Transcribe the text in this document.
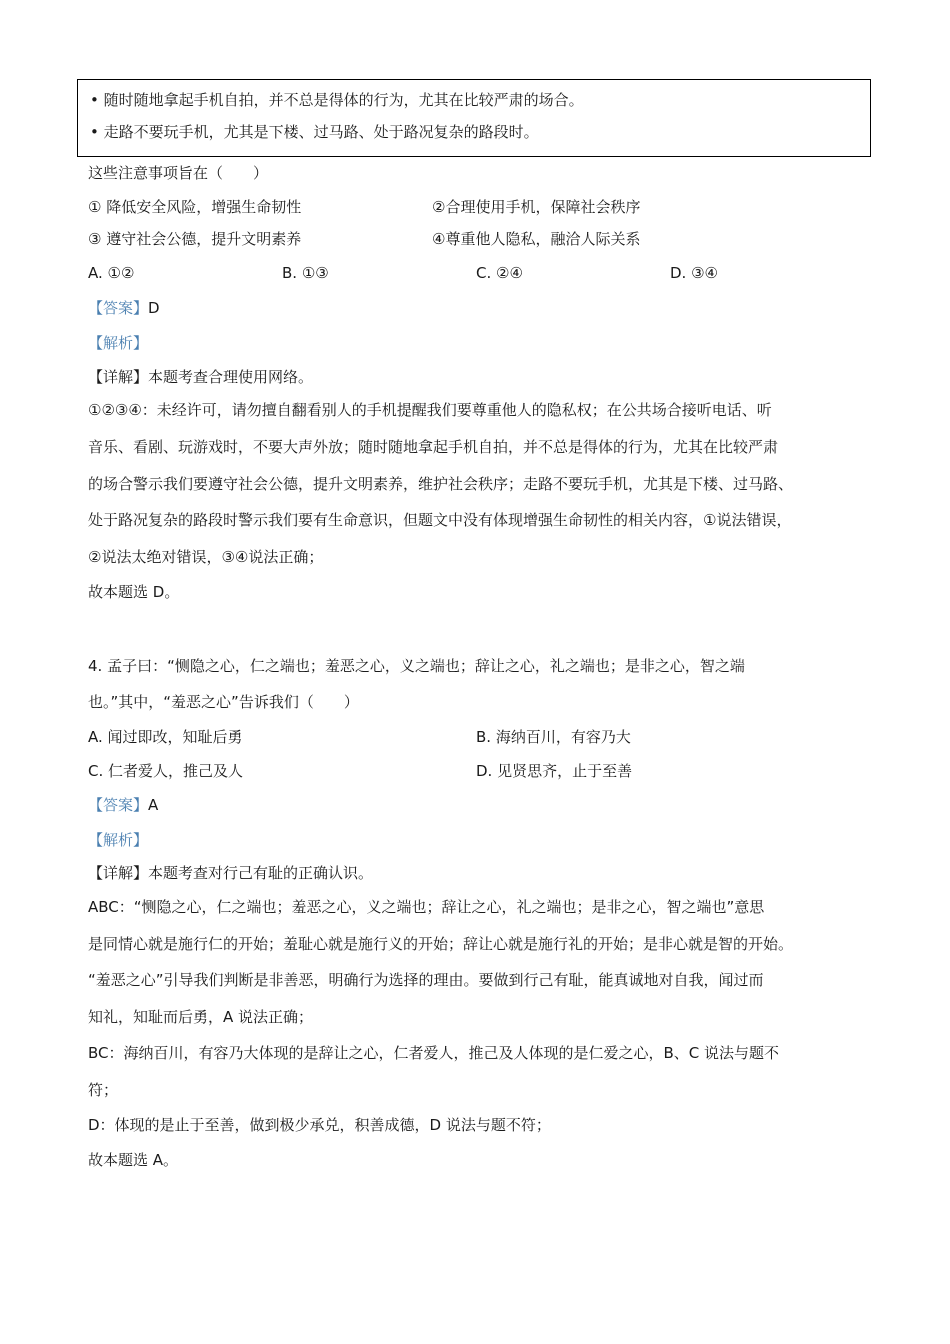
• 随时随地拿起手机自拍，并不总是得体的行为，尤其在比较严肃的场合。
• 走路不要玩手机，尤其是下楼、过马路、处于路况复杂的路段时。
这些注意事项旨在（　　）
① 降低安全风险，增强生命韧性	②合理使用手机，保障社会秩序
③ 遵守社会公德，提升文明素养	④尊重他人隐私，融洽人际关系
A. ①②	B. ①③	C. ②④	D. ③④
【答案】D
【解析】
【详解】本题考查合理使用网络。
①②③④：未经许可，请勿擅自翻看别人的手机提醒我们要尊重他人的隐私权；在公共场合接听电话、听
音乐、看剧、玩游戏时，不要大声外放；随时随地拿起手机自拍，并不总是得体的行为，尤其在比较严肃
的场合警示我们要遵守社会公德，提升文明素养，维护社会秩序；走路不要玩手机，尤其是下楼、过马路、
处于路况复杂的路段时警示我们要有生命意识，但题文中没有体现增强生命韧性的相关内容，①说法错误，
②说法太绝对错误，③④说法正确；
故本题选 D。
4. 孟子曰：“恻隐之心，仁之端也；羞恶之心，义之端也；辞让之心，礼之端也；是非之心，智之端
也。”其中，“羞恶之心”告诉我们（　　）
A. 闻过即改，知耻后勇	B. 海纳百川，有容乃大
C. 仁者爱人，推己及人	D. 见贤思齐，止于至善
【答案】A
【解析】
【详解】本题考查对行己有耻的正确认识。
ABC：“恻隐之心，仁之端也；羞恶之心，义之端也；辞让之心，礼之端也；是非之心，智之端也”意思
是同情心就是施行仁的开始；羞耻心就是施行义的开始；辞让心就是施行礼的开始；是非心就是智的开始。
“羞恶之心”引导我们判断是非善恶，明确行为选择的理由。要做到行己有耻，能真诚地对自我，闻过而
知礼，知耻而后勇，A 说法正确；
BC：海纳百川，有容乃大体现的是辞让之心，仁者爱人，推己及人体现的是仁爱之心，B、C 说法与题不
符；
D：体现的是止于至善，做到极少承兑，积善成德，D 说法与题不符；
故本题选 A。
